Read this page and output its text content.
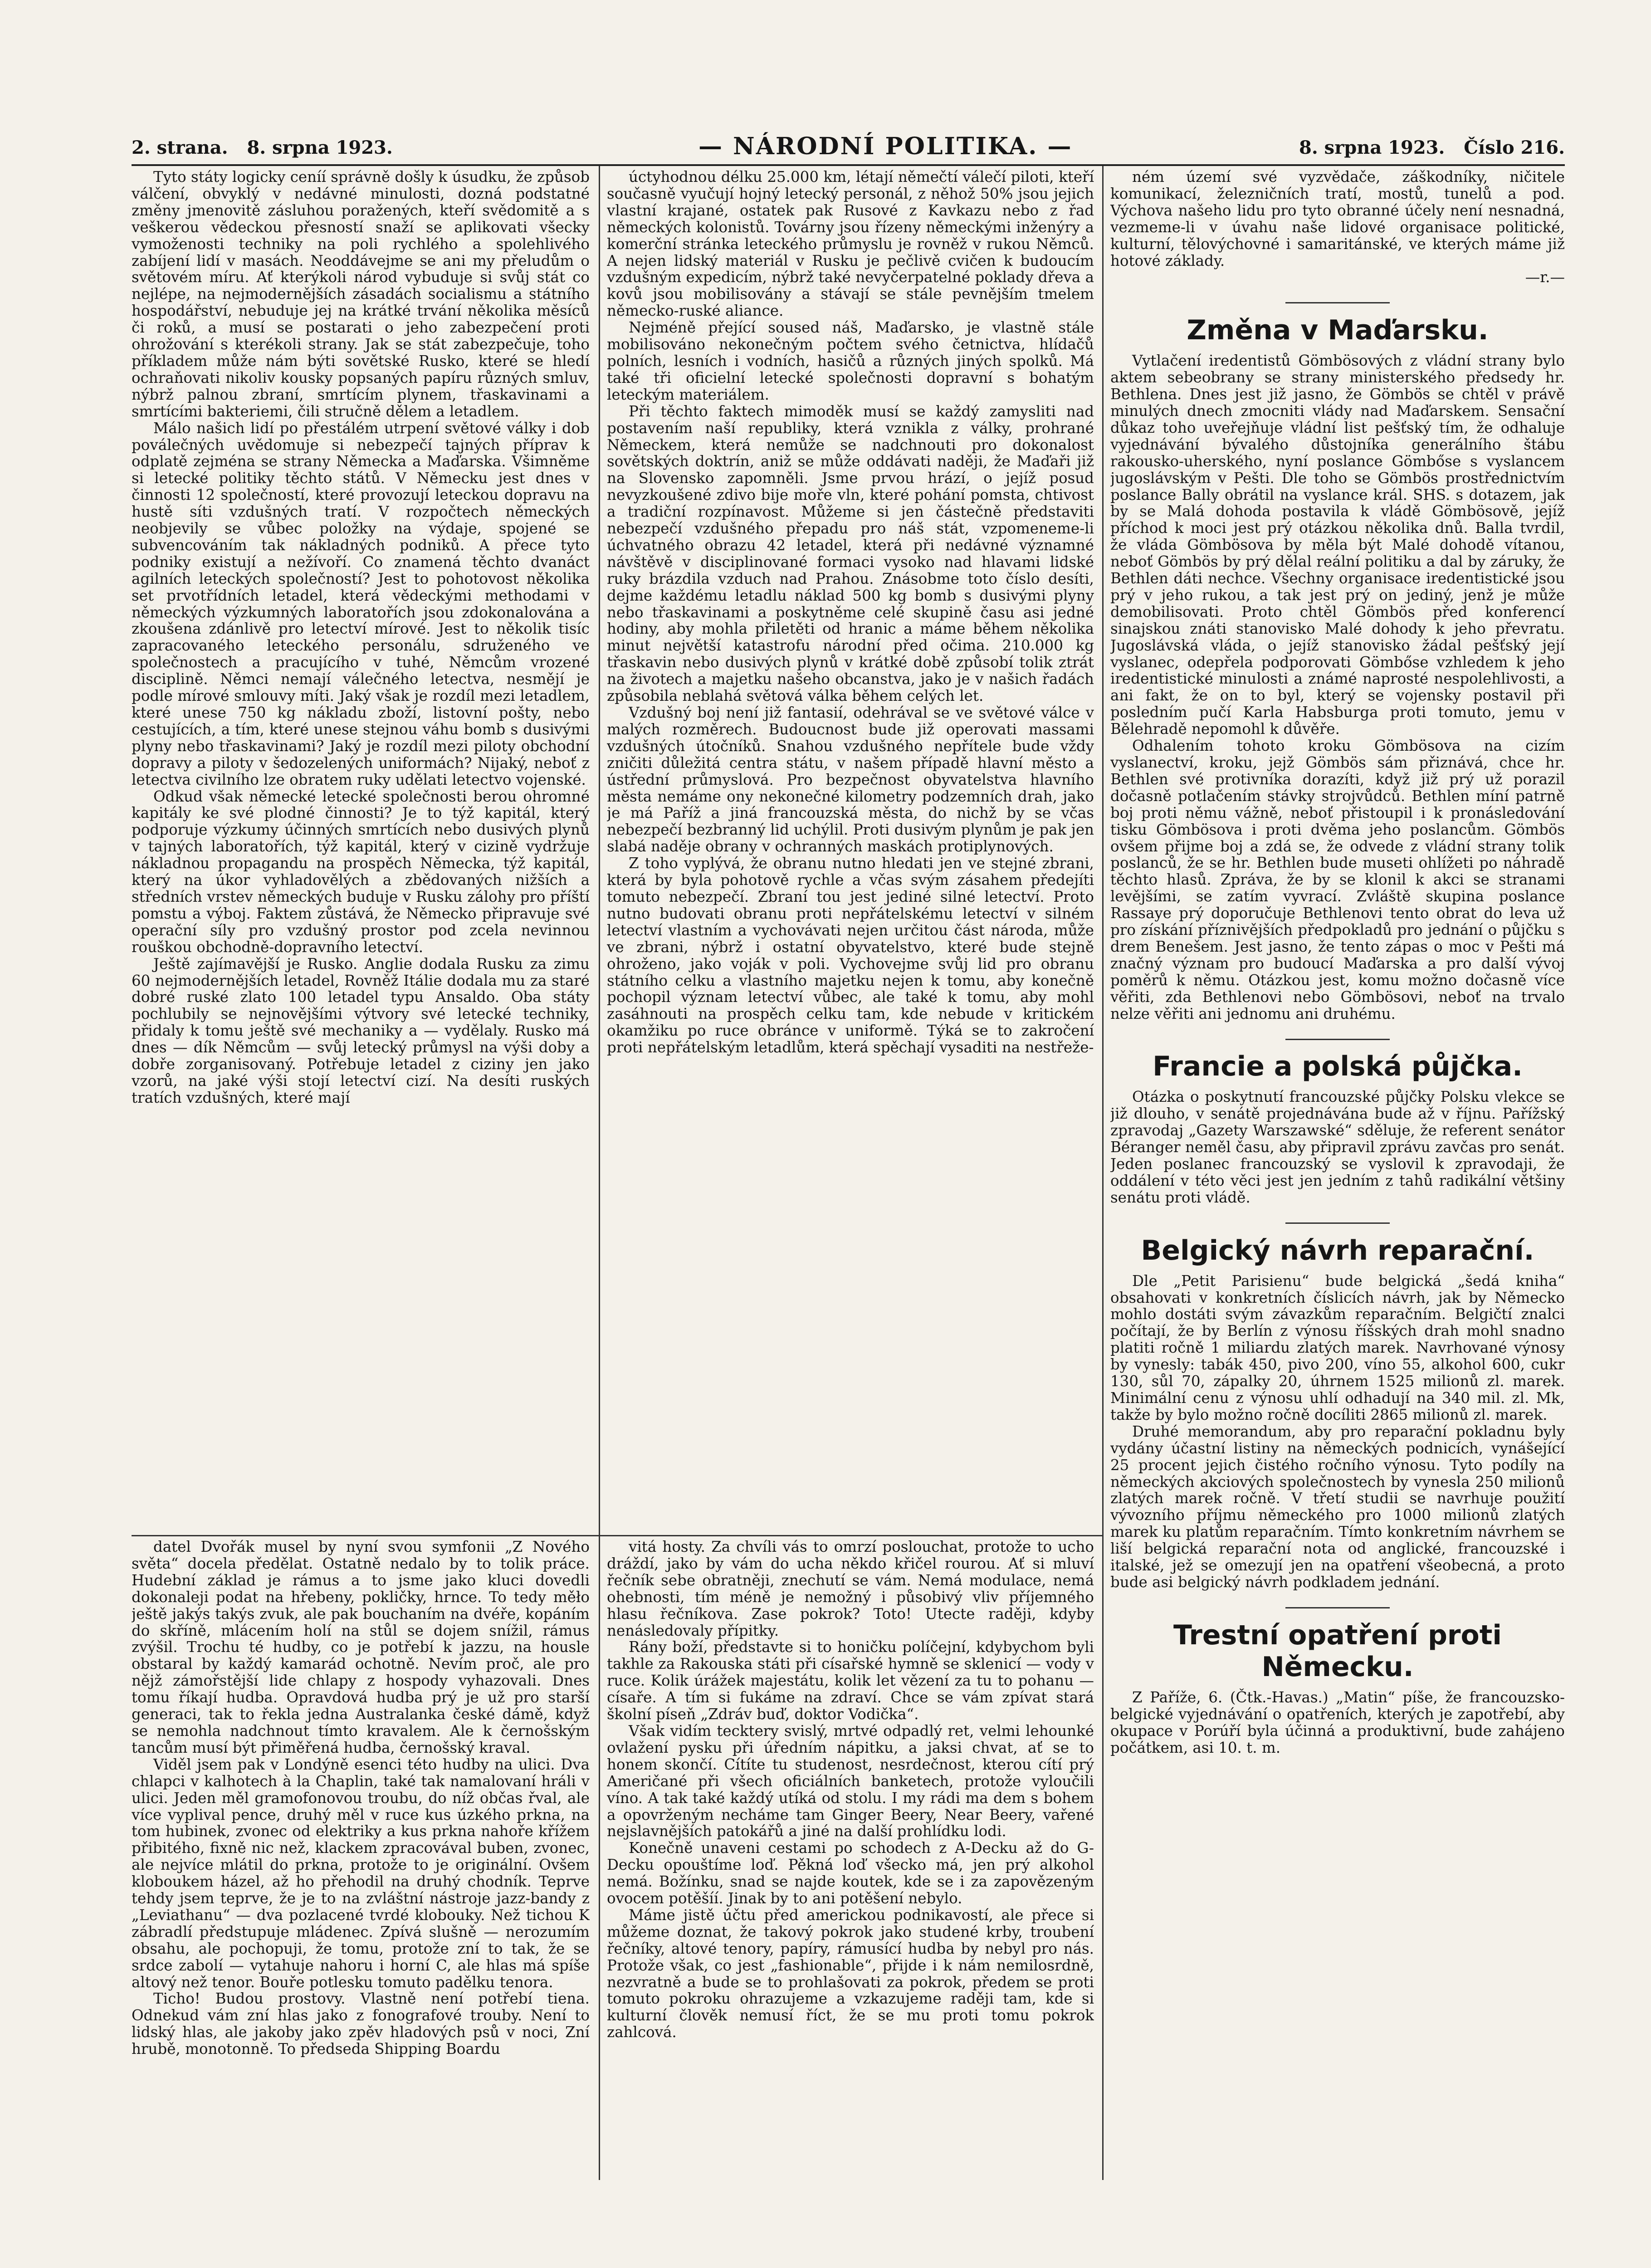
2. strana. 8. srpna 1923.	— NÁRODNÍ POLITIKA. —	8. srpna 1923. Číslo 216.

Tyto státy logicky ceníí správně došly k úsudku, že způsob válčení, obvyklý v nedávné minulosti, dozná podstatné změny jmenovitě zásluhou poražených, kteří svědomitě a s veškerou vědeckou přesností snaží se aplikovati všecky vymoženosti techniky na poli rychlého a spolehlivého zabíjení lidí v masách. Neoddávejme se ani my přeludům o světovém míru. Ať kterýkoli národ vybuduje si svůj stát co nejlépe, na nejmodernějších zásadách socialismu a státního hospodářství, nebuduje jej na krátké trvání několika měsíců či roků, a musí se postarati o jeho zabezpečení proti ohrožování s kterékoli strany. Jak se stát zabezpečuje, toho příkladem může nám býti sovětské Rusko, které se hledí ochraňovati nikoliv kousky popsaných papíru různých smluv, nýbrž palnou zbraní, smrtícím plynem, třaskavinami a smrtícími bakteriemi, čili stručně dělem a letadlem.

Málo našich lidí po přestálém utrpení světové války i dob poválečných uvědomuje si nebezpečí tajných příprav k odplatě zejména se strany Německa a Maďarska. Všimněme si letecké politiky těchto států. V Německu jest dnes v činnosti 12 společností, které provozují leteckou dopravu na hustě síti vzdušných tratí. V rozpočtech německých neobjevily se vůbec položky na výdaje, spojené se subvencováním tak nákladných podniků. A přece tyto podniky existují a nežívoří. Co znamená těchto dvanáct agilních leteckých společností? Jest to pohotovost několika set prvotřídních letadel, která vědeckými methodami v německých výzkumných laboratořích jsou zdokonalována a zkoušena zdánlivě pro letectví mírové. Jest to několik tisíc zapracovaného leteckého personálu, sdruženého ve společnostech a pracujícího v tuhé, Němcům vrozené disciplině. Němci nemají válečného letectva, nesmějí je podle mírové smlouvy míti. Jaký však je rozdíl mezi letadlem, které unese 750 kg nákladu zboží, listovní pošty, nebo cestujících, a tím, které unese stejnou váhu bomb s dusivými plyny nebo třaskavinami? Jaký je rozdíl mezi piloty obchodní dopravy a piloty v šedozelených uniformách? Nijaký, neboť z letectva civilního lze obratem ruky udělati letectvo vojenské.

Odkud však německé letecké společnosti berou ohromné kapitály ke své plodné činnosti? Je to týž kapitál, který podporuje výzkumy účinných smrtících nebo dusivých plynů v tajných laboratořích, týž kapitál, který v cizině vydržuje nákladnou propagandu na prospěch Německa, týž kapitál, který na úkor vyhladovělých a zbědovaných nižších a středních vrstev německých buduje v Rusku zálohy pro příští pomstu a výboj. Faktem zůstává, že Německo připravuje své operační síly pro vzdušný prostor pod zcela nevinnou rouškou obchodně-dopravního letectví.

Ještě zajímavější je Rusko. Anglie dodala Rusku za zimu 60 nejmodernějších letadel, Rovněž Itálie dodala mu za staré dobré ruské zlato 100 letadel typu Ansaldo. Oba státy pochlubily se nejnovějšími výtvory své letecké techniky, přidaly k tomu ještě své mechaniky a — vydělaly. Rusko má dnes — dík Němcům — svůj letecký průmysl na výši doby a dobře zorganisovaný. Potřebuje letadel z ciziny jen jako vzorů, na jaké výši stojí letectví cizí. Na desíti ruských tratích vzdušných, které mají

úctyhodnou délku 25.000 km, létají němečtí válečí piloti, kteří současně vyučují hojný letecký personál, z něhož 50% jsou jejich vlastní krajané, ostatek pak Rusové z Kavkazu nebo z řad německých kolonistů. Továrny jsou řízeny německými inženýry a komerční stránka leteckého průmyslu je rovněž v rukou Němců. A nejen lidský materiál v Rusku je pečlivě cvičen k budoucím vzdušným expedicím, nýbrž také nevyčerpatelné poklady dřeva a kovů jsou mobilisovány a stávají se stále pevnějším tmelem německo-ruské aliance.

Nejméně přející soused náš, Maďarsko, je vlastně stále mobilisováno nekonečným počtem svého četnictva, hlídačů polních, lesních i vodních, hasičů a různých jiných spolků. Má také tři oficielní letecké společnosti dopravní s bohatým leteckým materiálem.

Při těchto faktech mimoděk musí se každý zamysliti nad postavením naší republiky, která vznikla z války, prohrané Německem, která nemůže se nadchnouti pro dokonalost sovětských doktrín, aniž se může oddávati naději, že Maďaři již na Slovensko zapomněli. Jsme prvou hrází, o jejíž posud nevyzkoušené zdivo bije moře vln, které pohání pomsta, chtivost a tradiční rozpínavost. Můžeme si jen částečně představiti nebezpečí vzdušného přepadu pro náš stát, vzpomeneme-li úchvatného obrazu 42 letadel, která při nedávné významné návštěvě v disciplinované formaci vysoko nad hlavami lidské ruky brázdila vzduch nad Prahou. Znásobme toto číslo desíti, dejme každému letadlu náklad 500 kg bomb s dusivými plyny nebo třaskavinami a poskytněme celé skupině času asi jedné hodiny, aby mohla přiletěti od hranic a máme během několika minut největší katastrofu národní před očima. 210.000 kg třaskavin nebo dusivých plynů v krátké době způsobí tolik ztrát na životech a majetku našeho obcanstva, jako je v našich řadách způsobila neblahá světová válka během celých let.

Vzdušný boj není již fantasií, odehrával se ve světové válce v malých rozměrech. Budoucnost bude již operovati massami vzdušných útočníků. Snahou vzdušného nepřítele bude vždy zničiti důležitá centra státu, v našem případě hlavní město a ústřední průmyslová. Pro bezpečnost obyvatelstva hlavního města nemáme ony nekonečné kilometry podzemních drah, jako je má Paříž a jiná francouzská města, do nichž by se včas nebezpečí bezbranný lid uchýlil. Proti dusivým plynům je pak jen slabá naděje obrany v ochranných maskách protiplynových.

Z toho vyplývá, že obranu nutno hledati jen ve stejné zbrani, která by byla pohotově rychle a včas svým zásahem předejíti tomuto nebezpečí. Zbraní tou jest jediné silné letectví. Proto nutno budovati obranu proti nepřátelskému letectví v silném letectví vlastním a vychovávati nejen určitou část národa, může ve zbrani, nýbrž i ostatní obyvatelstvo, které bude stejně ohroženo, jako voják v poli. Vychovejme svůj lid pro obranu státního celku a vlastního majetku nejen k tomu, aby konečně pochopil význam letectví vůbec, ale také k tomu, aby mohl zasáhnouti na prospěch celku tam, kde nebude v kritickém okamžiku po ruce obránce v uniformě. Týká se to zakročení proti nepřátelským letadlům, která spěchají vysaditi na nestřeže-

datel Dvořák musel by nyní svou symfonii „Z Nového světa“ docela předělat. Ostatně nedalo by to tolik práce. Hudební základ je rámus a to jsme jako kluci dovedli dokonaleji podat na hřebeny, pokličky, hrnce. To tedy měło ještě jakýs takýs zvuk, ale pak bouchaním na dvéře, kopáním do skříně, mlácením holí na stůl se dojem snížil, rámus zvýšil. Trochu té hudby, co je potřebí k jazzu, na housle obstaral by každý kamarád ochotně. Nevím proč, ale pro nějž zámořstější lide chlapy z hospody vyhazovali. Dnes tomu říkají hudba. Opravdová hudba prý je už pro starší generaci, tak to řekla jedna Australanka české dámě, když se nemohla nadchnout tímto kravalem. Ale k černošským tancům musí být přiměřená hudba, černošský kraval.

Viděl jsem pak v Londýně esenci této hudby na ulici. Dva chlapci v kalhotech à la Chaplin, také tak namalovaní hráli v ulici. Jeden měl gramofonovou troubu, do níž občas řval, ale více vyplival pence, druhý měl v ruce kus úzkého prkna, na tom hubinek, zvonec od elektriky a kus prkna nahoře křížem přibitého, fixně nic než, klackem zpracovával buben, zvonec, ale nejvíce mlátil do prkna, protože to je originální. Ovšem kloboukem házel, až ho přehodil na druhý chodník. Teprve tehdy jsem teprve, že je to na zvláštní nástroje jazz-bandy z „Leviathanu“ — dva pozlacené tvrdé klobouky. Než tichou K zábradlí předstupuje mládenec. Zpívá slušně — nerozumím obsahu, ale pochopuji, že tomu, protože zní to tak, že se srdce zabolí — vytahuje nahoru i horní C, ale hlas má spíše altový než tenor. Bouře potlesku tomuto padělku tenora.

Ticho! Budou prostovy. Vlastně není potřebí tiena. Odnekud vám zní hlas jako z fonografové trouby. Není to lidský hlas, ale jakoby jako zpěv hladových psů v noci, Zní hrubě, monotonně. To předseda Shipping Boardu

vitá hosty. Za chvíli vás to omrzí poslouchat, protože to ucho dráždí, jako by vám do ucha někdo křičel rourou. Ať si mluví řečník sebe obratněji, znechutí se vám. Nemá modulace, nemá ohebnosti, tím méně je nemožný i působivý vliv příjemného hlasu řečníkova. Zase pokrok? Toto! Utecte raději, kdyby nenásledovaly přípitky.

Rány boží, představte si to honičku políčejní, kdybychom byli takhle za Rakouska státi při císařské hymně se sklenicí — vody v ruce. Kolik úrážek majestátu, kolik let vězení za tu to pohanu — císaře. A tím si fukáme na zdraví. Chce se vám zpívat stará školní píseň „Zdráv buď, doktor Vodička“.

Však vidím tecktery svislý, mrtvé odpadlý ret, velmi lehounké ovlažení pysku při úředním nápitku, a jaksi chvat, ať se to honem skončí. Cítíte tu studenost, nesrdečnost, kterou cítí prý Američané při všech oficiálních banketech, protože vyloučili víno. A tak také každý utíká od stolu. I my rádi ma dem s bohem a opovrženým necháme tam Ginger Beery, Near Beery, vařené nejslavnějších patokářů a jiné na další prohlídku lodi.

Konečně unaveni cestami po schodech z A-Decku až do G-Decku opouštíme loď. Pěkná loď všecko má, jen prý alkohol nemá. Božínku, snad se najde koutek, kde se i za zapovězeným ovocem potěšíí. Jinak by to ani potěšení nebylo.

Máme jistě účtu před americkou podnikavostí, ale přece si můžeme doznat, že takový pokrok jako studené krby, troubení řečníky, altové tenory, papíry, rámusící hudba by nebyl pro nás. Protože však, co jest „fashionable“, přijde i k nám nemilosrdně, nezvratně a bude se to prohlašovati za pokrok, předem se proti tomuto pokroku ohrazujeme a vzkazujeme raději tam, kde si kulturní člověk nemusí říct, že se mu proti tomu pokrok zahlcová.

ném území své vyzvědače, záškodníky, ničitele komunikací, železničních tratí, mostů, tunelů a pod. Výchova našeho lidu pro tyto obranné účely není nesnadná, vezmeme-li v úvahu naše lidové organisace politické, kulturní, tělovýchovné i samaritánské, ve kterých máme již hotové základy.

—r.—
Změna v Maďarsku.

Vytlačení iredentistů Gömbösových z vládní strany bylo aktem sebeobrany se strany ministerského předsedy hr. Bethlena. Dnes jest již jasno, že Gömbös se chtěl v právě minulých dnech zmocniti vlády nad Maďarskem. Sensační důkaz toho uveřejňuje vládní list pešťský tím, že odhaluje vyjednávání bývalého důstojníka generálního štábu rakousko-uherského, nyní poslance Gömbőse s vyslancem jugoslávským v Pešti. Dle toho se Gömbös prostřednictvím poslance Bally obrátil na vyslance král. SHS. s dotazem, jak by se Malá dohoda postavila k vládě Gömbösově, jejíž příchod k moci jest prý otázkou několika dnů. Balla tvrdil, že vláda Gömbösova by měla být Malé dohodě vítanou, neboť Gömbös by prý dělal reální politiku a dal by záruky, že Bethlen dáti nechce. Všechny organisace iredentistické jsou prý v jeho rukou, a tak jest prý on jediný, jenž je může demobilisovati. Proto chtěl Gömbös před konferencí sinajskou znáti stanovisko Malé dohody k jeho převratu. Jugoslávská vláda, o jejíž stanovisko žádal pešťský její vyslanec, odepřela podporovati Gömbőse vzhledem k jeho iredentistické minulosti a známé naprosté nespolehlivosti, a ani fakt, že on to byl, který se vojensky postavil při posledním pučí Karla Habsburga proti tomuto, jemu v Bělehradě nepomohl k důvěře.

Odhalením tohoto kroku Gömbösova na cizím vyslanectví, kroku, jejž Gömbös sám přiznává, chce hr. Bethlen své protivníka dorazíti, když již prý už porazil dočasně potlačením stávky strojvůdců. Bethlen míní patrně boj proti němu vážně, neboť přistoupil i k pronásledování tisku Gömbösova i proti dvěma jeho poslancům. Gömbös ovšem přijme boj a zdá se, že odvede z vládní strany tolik poslanců, že se hr. Bethlen bude museti ohlížeti po náhradě těchto hlasů. Zpráva, že by se klonil k akci se stranami levějšími, se zatím vyvrací. Zvláště skupina poslance Rassaye prý doporučuje Bethlenovi tento obrat do leva už pro získání příznivějších předpokladů pro jednání o půjčku s drem Benešem. Jest jasno, že tento zápas o moc v Pešti má značný význam pro budoucí Maďarska a pro další vývoj poměrů k němu. Otázkou jest, komu možno dočasně více věřiti, zda Bethlenovi nebo Gömbösovi, neboť na trvalo nelze věřiti ani jednomu ani druhému.

Francie a polská půjčka.

Otázka o poskytnutí francouzské půjčky Polsku vlekce se již dlouho, v senátě projednávána bude až v říjnu. Pařížský zpravodaj „Gazety Warszawské“ sděluje, že referent senátor Béranger neměl času, aby připravil zprávu zavčas pro senát. Jeden poslanec francouzský se vyslovil k zpravodaji, že oddálení v této věci jest jen jedním z tahů radikální většiny senátu proti vládě.

Belgický návrh reparační.

Dle „Petit Parisienu“ bude belgická „šedá kniha“ obsahovati v konkretních číslicích návrh, jak by Německo mohlo dostáti svým závazkům reparačním. Belgičtí znalci počítají, že by Berlín z výnosu říšských drah mohl snadno platiti ročně 1 miliardu zlatých marek. Navrhované výnosy by vynesly: tabák 450, pivo 200, víno 55, alkohol 600, cukr 130, sůl 70, zápalky 20, úhrnem 1525 milionů zl. marek. Minimální cenu z výnosu uhlí odhadují na 340 mil. zl. Mk, takže by bylo možno ročně docíliti 2865 milionů zl. marek.

Druhé memorandum, aby pro reparační pokladnu byly vydány účastní listiny na německých podnicích, vynášející 25 procent jejich čistého ročního výnosu. Tyto podíly na německých akciových společnostech by vynesla 250 milionů zlatých marek ročně. V třetí studii se navrhuje použití vývozního příjmu německého pro 1000 milionů zlatých marek ku platům reparačním. Tímto konkretním návrhem se liší belgická reparační nota od anglické, francouzské i italské, jež se omezují jen na opatření všeobecná, a proto bude asi belgický návrh podkladem jednání.

Trestní opatření proti Německu.

Z Paříže, 6. (Čtk.-Havas.) „Matin“ píše, že francouzsko-belgické vyjednávání o opatřeních, kterých je zapotřebí, aby okupace v Porúří byla účinná a produktivní, bude zahájeno počátkem, asi 10. t. m.
